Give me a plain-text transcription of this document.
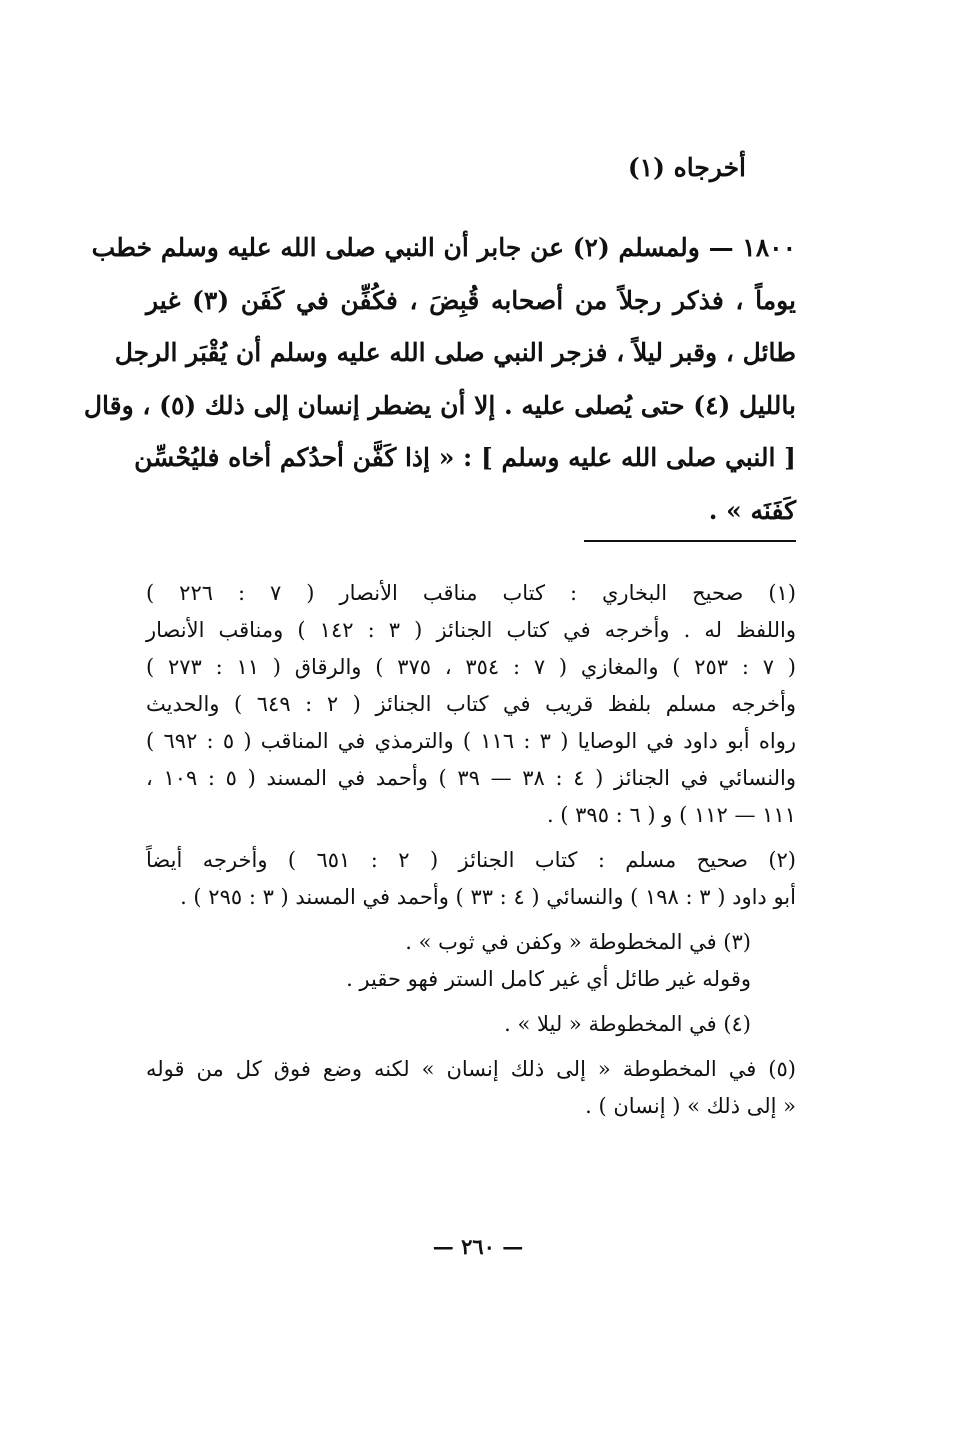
أخرجاه (١)
١٨٠٠ — ولمسلم (٢) عن جابر أن النبي صلى الله عليه وسلم خطب
يوماً ، فذكر رجلاً من أصحابه قُبِضَ ، فكُفِّن في كَفَن (٣) غير
طائل ، وقبر ليلاً ، فزجر النبي صلى الله عليه وسلم أن يُقْبَر الرجل
بالليل (٤) حتى يُصلى عليه . إلا أن يضطر إنسان إلى ذلك (٥) ، وقال
[ النبي صلى الله عليه وسلم ] : « إذا كَفَّن أحدُكم أخاه فليُحْسِّن
كَفَنَه » .
(١) صحيح البخاري : كتاب مناقب الأنصار ( ٧ : ٢٢٦ )
واللفظ له . وأخرجه في كتاب الجنائز ( ٣ : ١٤٢ ) ومناقب الأنصار
( ٧ : ٢٥٣ ) والمغازي ( ٧ : ٣٥٤ ، ٣٧٥ ) والرقاق ( ١١ : ٢٧٣ )
وأخرجه مسلم بلفظ قريب في كتاب الجنائز ( ٢ : ٦٤٩ ) والحديث
رواه أبو داود في الوصايا ( ٣ : ١١٦ ) والترمذي في المناقب ( ٥ : ٦٩٢ )
والنسائي في الجنائز ( ٤ : ٣٨ — ٣٩ ) وأحمد في المسند ( ٥ : ١٠٩ ،
١١١ — ١١٢ ) و ( ٦ : ٣٩٥ ) .
(٢) صحيح مسلم : كتاب الجنائز ( ٢ : ٦٥١ ) وأخرجه أيضاً
أبو داود ( ٣ : ١٩٨ ) والنسائي ( ٤ : ٣٣ ) وأحمد في المسند ( ٣ : ٢٩٥ ) .
(٣) في المخطوطة « وكفن في ثوب » .
وقوله غير طائل أي غير كامل الستر فهو حقير .
(٤) في المخطوطة « ليلا » .
(٥) في المخطوطة « إلى ذلك إنسان » لكنه وضع فوق كل من قوله
« إلى ذلك » ( إنسان ) .
— ٢٦٠ —
